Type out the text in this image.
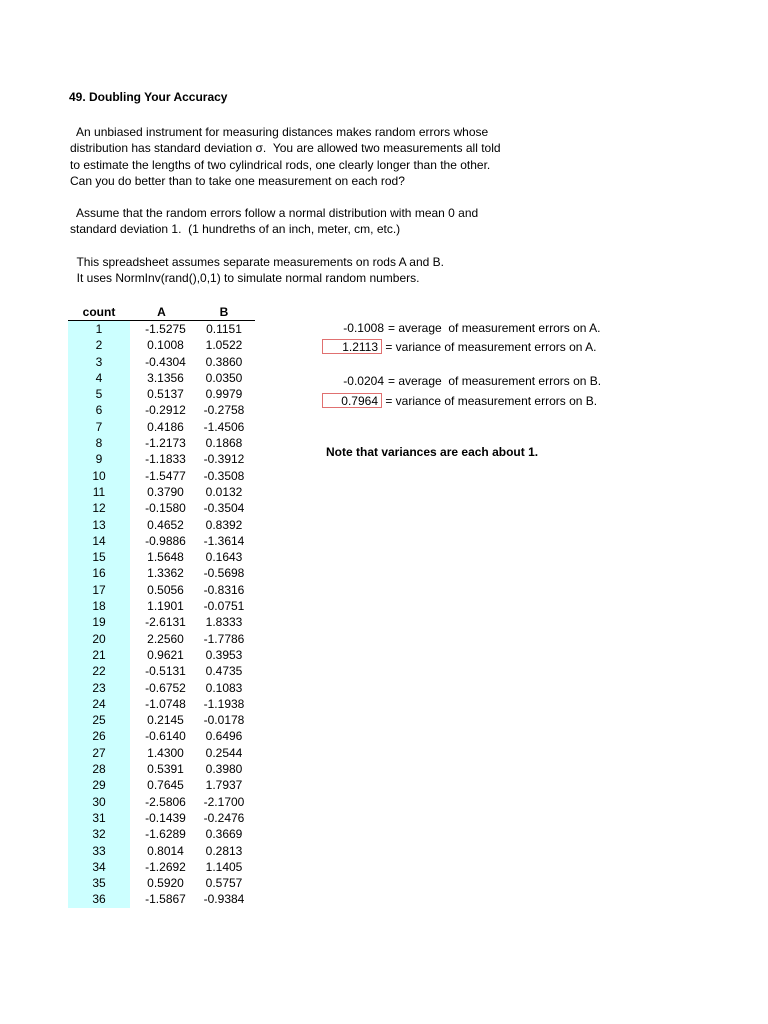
49. Doubling Your Accuracy
An unbiased instrument for measuring distances makes random errors whose
distribution has standard deviation σ.  You are allowed two measurements all told
to estimate the lengths of two cylindrical rods, one clearly longer than the other.
Can you do better than to take one measurement on each rod?
Assume that the random errors follow a normal distribution with mean 0 and
standard deviation 1.  (1 hundreths of an inch, meter, cm, etc.)
This spreadsheet assumes separate measurements on rods A and B.
It uses NormInv(rand(),0,1) to simulate normal random numbers.
count	A	B
1	-1.5275	0.1151
2	0.1008	1.0522
3	-0.4304	0.3860
4	3.1356	0.0350
5	0.5137	0.9979
6	-0.2912	-0.2758
7	0.4186	-1.4506
8	-1.2173	0.1868
9	-1.1833	-0.3912
10	-1.5477	-0.3508
11	0.3790	0.0132
12	-0.1580	-0.3504
13	0.4652	0.8392
14	-0.9886	-1.3614
15	1.5648	0.1643
16	1.3362	-0.5698
17	0.5056	-0.8316
18	1.1901	-0.0751
19	-2.6131	1.8333
20	2.2560	-1.7786
21	0.9621	0.3953
22	-0.5131	0.4735
23	-0.6752	0.1083
24	-1.0748	-1.1938
25	0.2145	-0.0178
26	-0.6140	0.6496
27	1.4300	0.2544
28	0.5391	0.3980
29	0.7645	1.7937
30	-2.5806	-2.1700
31	-0.1439	-0.2476
32	-1.6289	0.3669
33	0.8014	0.2813
34	-1.2692	1.1405
35	0.5920	0.5757
36	-1.5867	-0.9384
-0.1008 = average  of measurement errors on A.
1.2113 = variance of measurement errors on A.
-0.0204 = average  of measurement errors on B.
0.7964 = variance of measurement errors on B.
Note that variances are each about 1.
